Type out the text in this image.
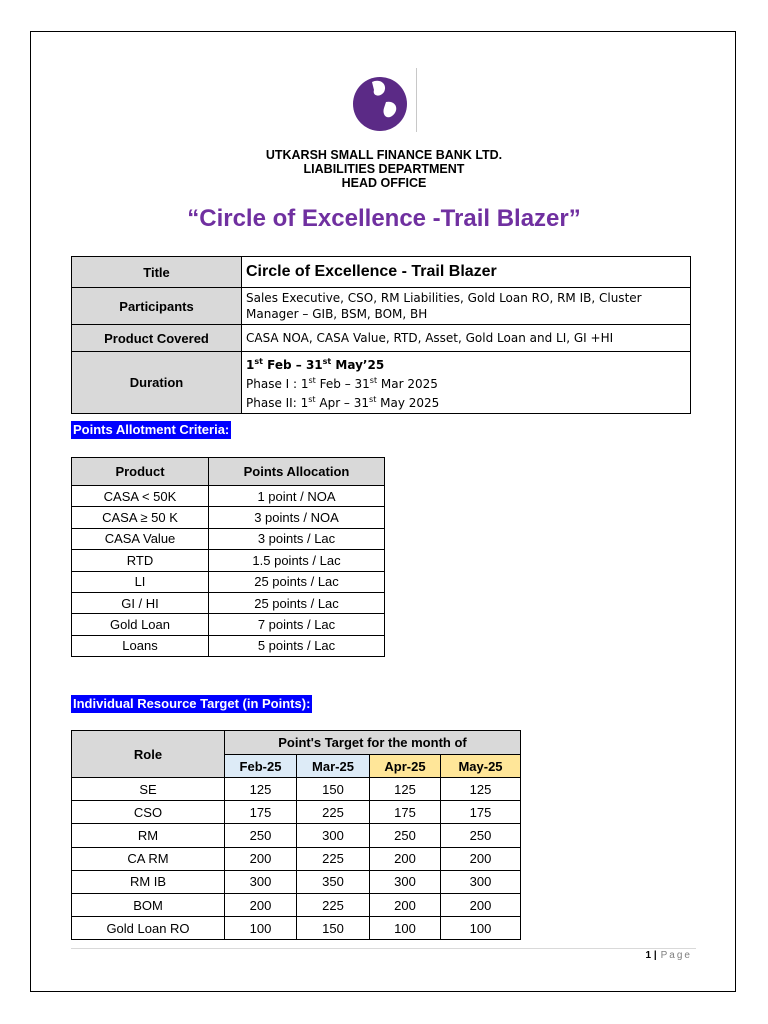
UTKARSH SMALL FINANCE BANK LTD.
LIABILITIES DEPARTMENT
HEAD OFFICE
“Circle of Excellence -Trail Blazer”
Title	Circle of Excellence - Trail Blazer
Participants	Sales Executive, CSO, RM Liabilities, Gold Loan RO, RM IB, Cluster Manager – GIB, BSM, BOM, BH
Product Covered	CASA NOA, CASA Value, RTD, Asset, Gold Loan and LI, GI +HI
Duration	1st Feb – 31st May’25
Phase I : 1st Feb – 31st Mar 2025
Phase II: 1st Apr – 31st May 2025
Points Allotment Criteria:
Product	Points Allocation
CASA < 50K	1 point / NOA
CASA ≥ 50 K	3 points / NOA
CASA Value	3 points / Lac
RTD	1.5 points / Lac
LI	25 points / Lac
GI / HI	25 points / Lac
Gold Loan	7 points / Lac
Loans	5 points / Lac
Individual Resource Target (in Points):
Role	Point's Target for the month of			
	Feb-25	Mar-25	Apr-25	May-25
SE	125	150	125	125
CSO	175	225	175	175
RM	250	300	250	250
CA RM	200	225	200	200
RM IB	300	350	300	300
BOM	200	225	200	200
Gold Loan RO	100	150	100	100
1 | Page
